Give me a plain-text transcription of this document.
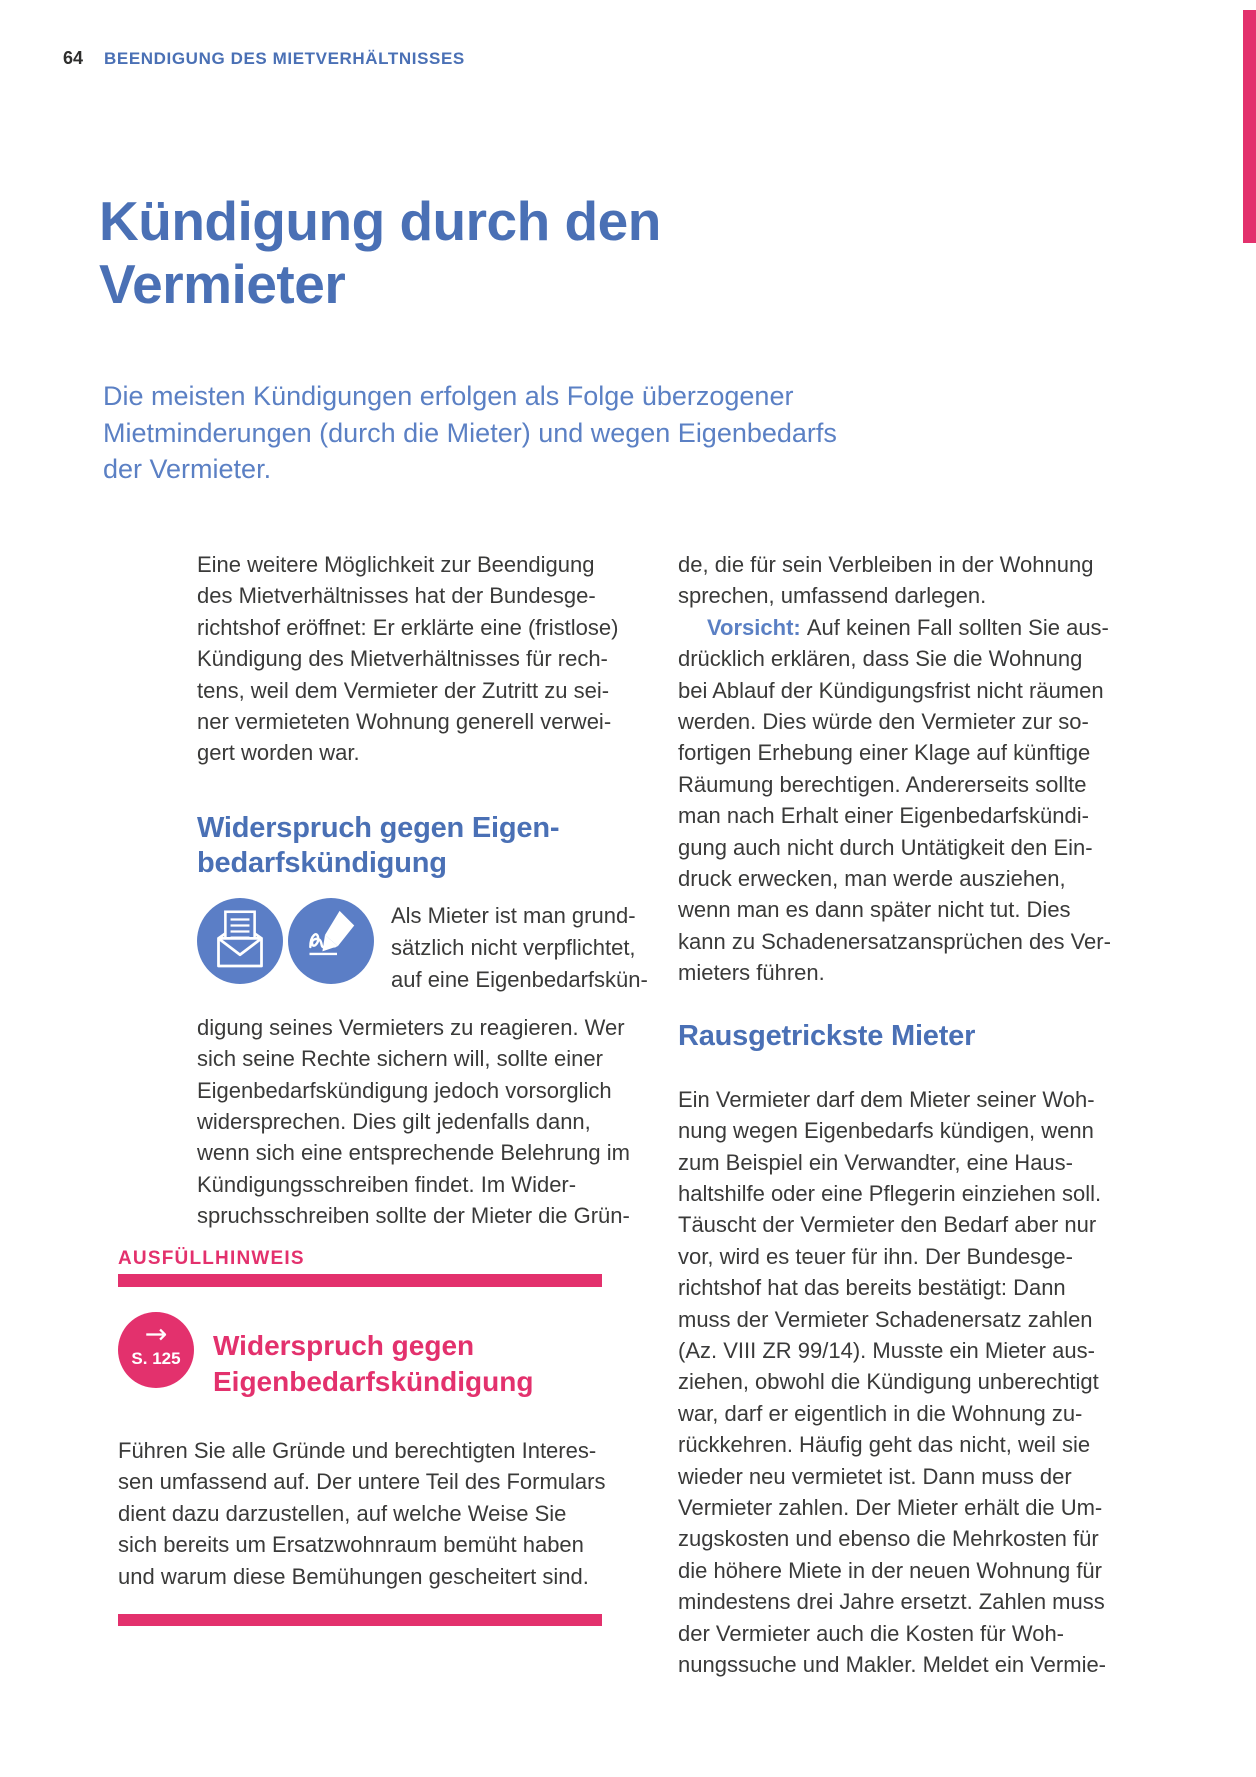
64 BEENDIGUNG DES MIETVERHÄLTNISSES
Kündigung durch den
Vermieter
Die meisten Kündigungen erfolgen als Folge überzogener
Mietminderungen (durch die Mieter) und wegen Eigenbedarfs
der Vermieter.
Eine weitere Möglichkeit zur Beendigung
des Mietverhältnisses hat der Bundesge-
richtshof eröffnet: Er erklärte eine (fristlose)
Kündigung des Mietverhältnisses für rech-
tens, weil dem Vermieter der Zutritt zu sei-
ner vermieteten Wohnung generell verwei-
gert worden war.
Widerspruch gegen Eigen-
bedarfskündigung
Als Mieter ist man grund-
sätzlich nicht verpflichtet,
auf eine Eigenbedarfskün-
digung seines Vermieters zu reagieren. Wer
sich seine Rechte sichern will, sollte einer
Eigenbedarfskündigung jedoch vorsorglich
widersprechen. Dies gilt jedenfalls dann,
wenn sich eine entsprechende Belehrung im
Kündigungsschreiben findet. Im Wider-
spruchsschreiben sollte der Mieter die Grün-
AUSFÜLLHINWEIS
→
S. 125 Widerspruch gegen
Eigenbedarfskündigung
Führen Sie alle Gründe und berechtigten Interes-
sen umfassend auf. Der untere Teil des Formulars
dient dazu darzustellen, auf welche Weise Sie
sich bereits um Ersatzwohnraum bemüht haben
und warum diese Bemühungen gescheitert sind.
de, die für sein Verbleiben in der Wohnung
sprechen, umfassend darlegen.
Vorsicht: Auf keinen Fall sollten Sie aus-
drücklich erklären, dass Sie die Wohnung
bei Ablauf der Kündigungsfrist nicht räumen
werden. Dies würde den Vermieter zur so-
fortigen Erhebung einer Klage auf künftige
Räumung berechtigen. Andererseits sollte
man nach Erhalt einer Eigenbedarfskündi-
gung auch nicht durch Untätigkeit den Ein-
druck erwecken, man werde ausziehen,
wenn man es dann später nicht tut. Dies
kann zu Schadenersatzansprüchen des Ver-
mieters führen.
Rausgetrickste Mieter
Ein Vermieter darf dem Mieter seiner Woh-
nung wegen Eigenbedarfs kündigen, wenn
zum Beispiel ein Verwandter, eine Haus-
haltshilfe oder eine Pflegerin einziehen soll.
Täuscht der Vermieter den Bedarf aber nur
vor, wird es teuer für ihn. Der Bundesge-
richtshof hat das bereits bestätigt: Dann
muss der Vermieter Schadenersatz zahlen
(Az. VIII ZR 99/14). Musste ein Mieter aus-
ziehen, obwohl die Kündigung unberechtigt
war, darf er eigentlich in die Wohnung zu-
rückkehren. Häufig geht das nicht, weil sie
wieder neu vermietet ist. Dann muss der
Vermieter zahlen. Der Mieter erhält die Um-
zugskosten und ebenso die Mehrkosten für
die höhere Miete in der neuen Wohnung für
mindestens drei Jahre ersetzt. Zahlen muss
der Vermieter auch die Kosten für Woh-
nungssuche und Makler. Meldet ein Vermie-
